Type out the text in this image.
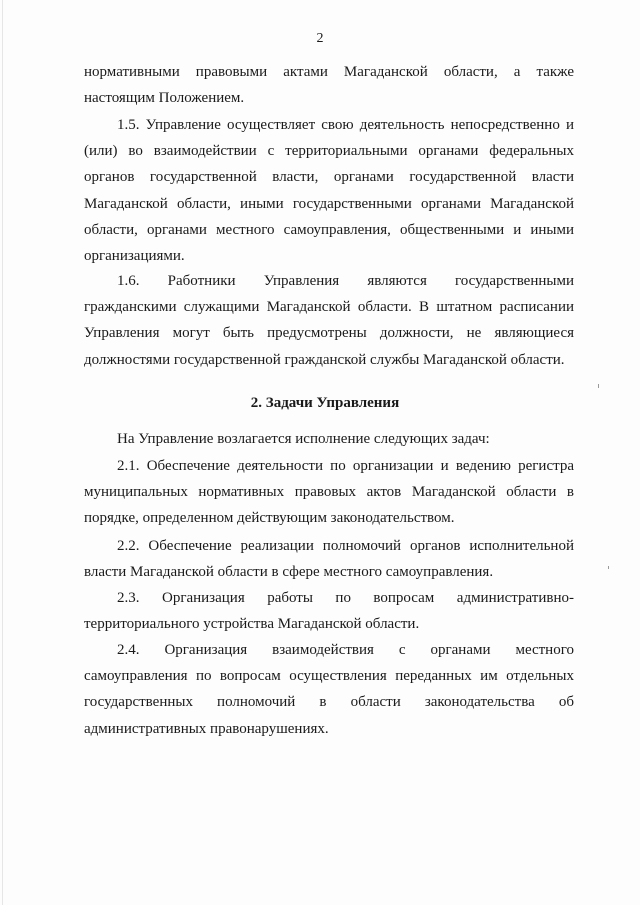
2
нормативными правовыми актами Магаданской области, а также
настоящим Положением.
1.5. Управление осуществляет свою деятельность непосредственно и
(или) во взаимодействии с территориальными органами федеральных
органов государственной власти, органами государственной власти
Магаданской области, иными государственными органами Магаданской
области, органами местного самоуправления, общественными и иными
организациями.
1.6. Работники Управления являются государственными
гражданскими служащими Магаданской области. В штатном расписании
Управления могут быть предусмотрены должности, не являющиеся
должностями государственной гражданской службы Магаданской области.
2. Задачи Управления
На Управление возлагается исполнение следующих задач:
2.1. Обеспечение деятельности по организации и ведению регистра
муниципальных нормативных правовых актов Магаданской области в
порядке, определенном действующим законодательством.
2.2. Обеспечение реализации полномочий органов исполнительной
власти Магаданской области в сфере местного самоуправления.
2.3. Организация работы по вопросам административно-
территориального устройства Магаданской области.
2.4. Организация взаимодействия с органами местного
самоуправления по вопросам осуществления переданных им отдельных
государственных полномочий в области законодательства об
административных правонарушениях.
